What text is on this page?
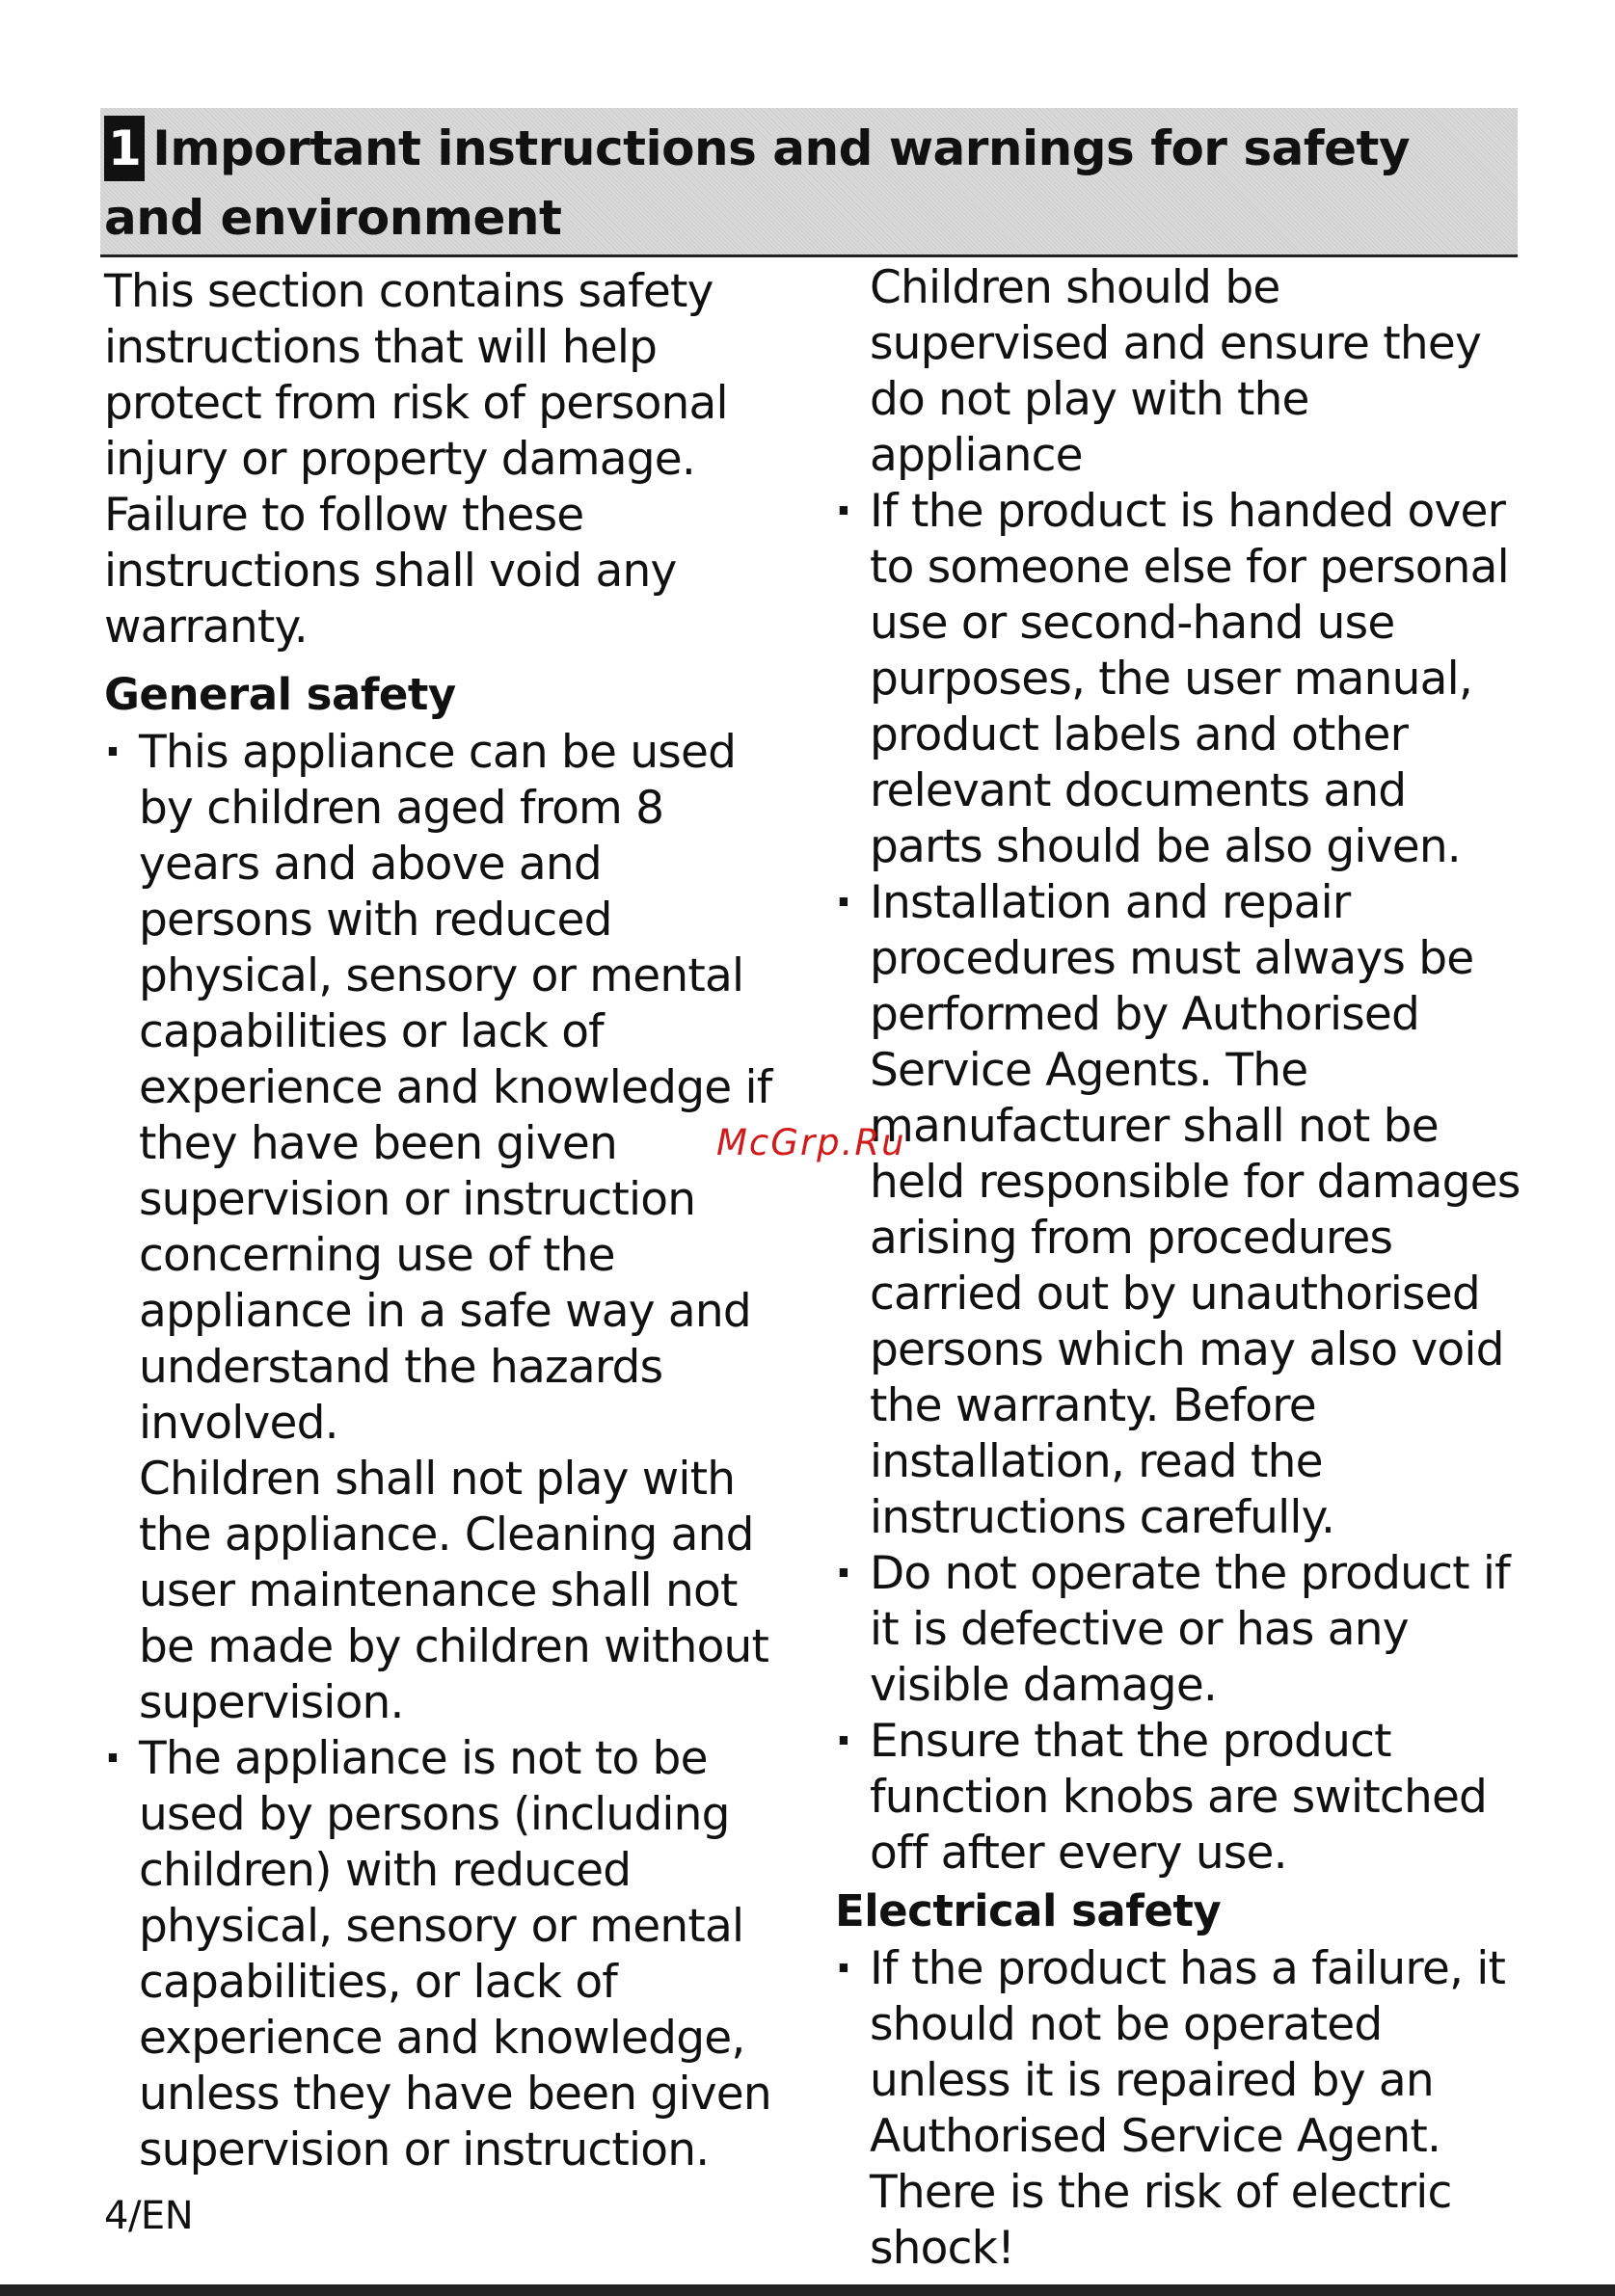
1 Important instructions and warnings for safety and environment

This section contains safety instructions that will help protect from risk of personal injury or property damage. Failure to follow these instructions shall void any warranty.

General safety
· This appliance can be used by children aged from 8 years and above and persons with reduced physical, sensory or mental capabilities or lack of experience and knowledge if they have been given supervision or instruction concerning use of the appliance in a safe way and understand the hazards involved.
Children shall not play with the appliance. Cleaning and user maintenance shall not be made by children without supervision.
· The appliance is not to be used by persons (including children) with reduced physical, sensory or mental capabilities, or lack of experience and knowledge, unless they have been given supervision or instruction.

Children should be supervised and ensure they do not play with the appliance

· If the product is handed over to someone else for personal use or second-hand use purposes, the user manual, product labels and other relevant documents and parts should be also given.
· Installation and repair procedures must always be performed by Authorised Service Agents. The manufacturer shall not be held responsible for damages arising from procedures carried out by unauthorised persons which may also void the warranty. Before installation, read the instructions carefully.
· Do not operate the product if it is defective or has any visible damage.
· Ensure that the product function knobs are switched off after every use.
Electrical safety
· If the product has a failure, it should not be operated unless it is repaired by an Authorised Service Agent. There is the risk of electric shock!
McGrp.Ru
4/EN
